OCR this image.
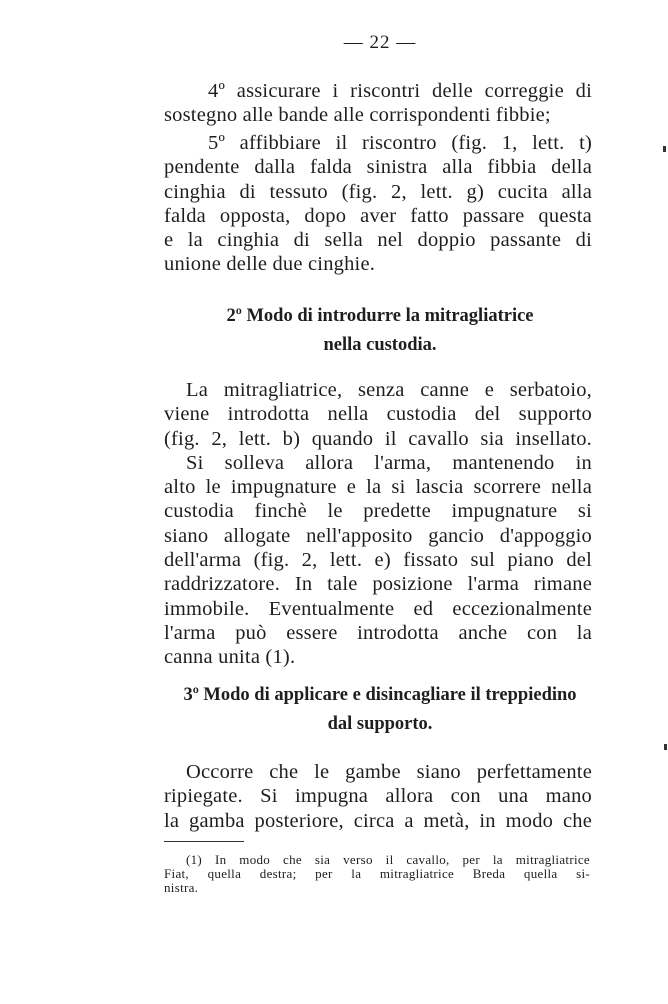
— 22 —
4º assicurare i riscontri delle correggie di
sostegno alle bande alle corrispondenti fibbie;
5º affibbiare il riscontro (fig. 1, lett. t)
pendente dalla falda sinistra alla fibbia della
cinghia di tessuto (fig. 2, lett. g) cucita alla
falda opposta, dopo aver fatto passare questa
e la cinghia di sella nel doppio passante di
unione delle due cinghie.
2º Modo di introdurre la mitragliatrice
nella custodia.
La mitragliatrice, senza canne e serbatoio,
viene introdotta nella custodia del supporto
(fig. 2, lett. b) quando il cavallo sia insellato.
Si solleva allora l'arma, mantenendo in
alto le impugnature e la si lascia scorrere nella
custodia finchè le predette impugnature si
siano allogate nell'apposito gancio d'appoggio
dell'arma (fig. 2, lett. e) fissato sul piano del
raddrizzatore. In tale posizione l'arma rimane
immobile. Eventualmente ed eccezionalmente
l'arma può essere introdotta anche con la
canna unita (1).
3º Modo di applicare e disincagliare il treppiedino
dal supporto.
Occorre che le gambe siano perfettamente
ripiegate. Si impugna allora con una mano
la gamba posteriore, circa a metà, in modo che
(1) In modo che sia verso il cavallo, per la mitragliatrice
Fiat, quella destra; per la mitragliatrice Breda quella si-
nistra.
